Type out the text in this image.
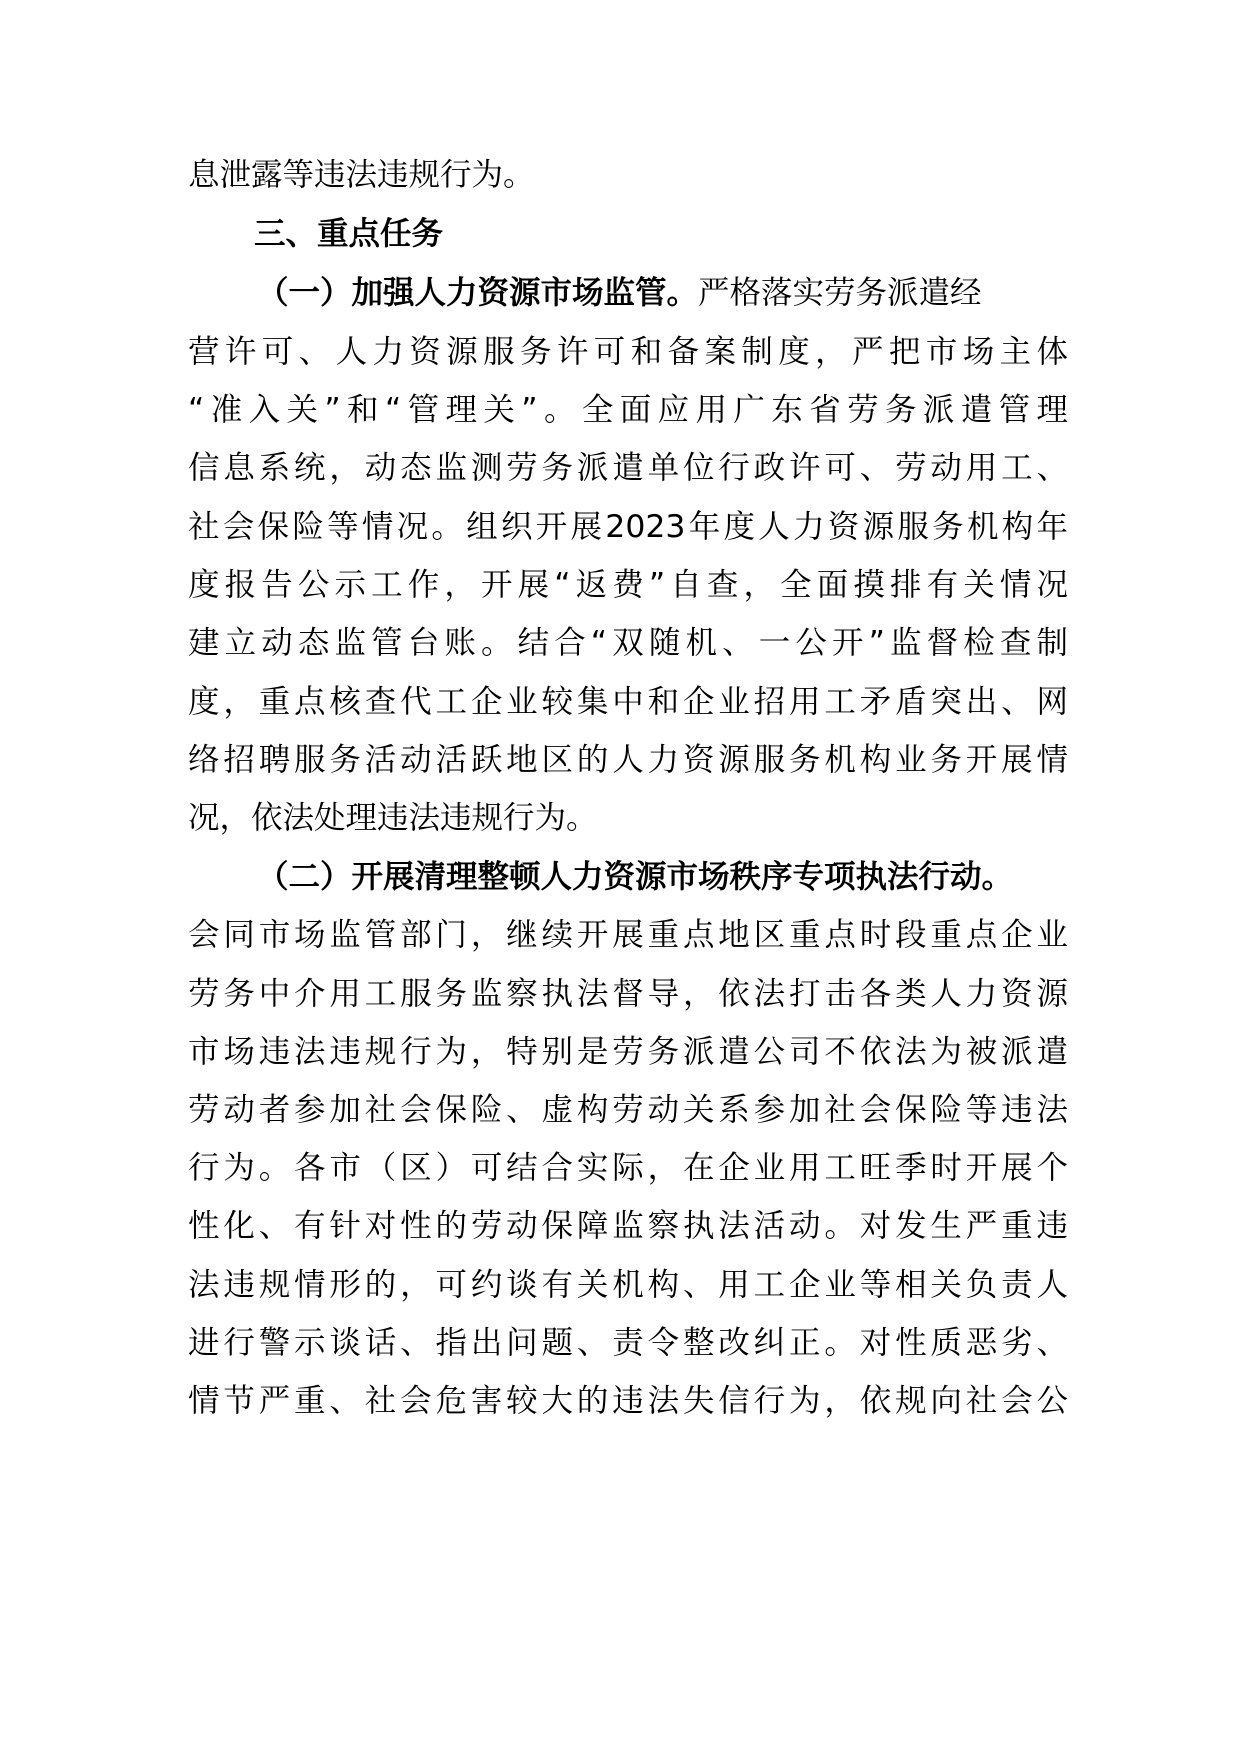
息泄露等违法违规行为。
三、重点任务
（一）加强人力资源市场监管。严格落实劳务派遣经
营许可、人力资源服务许可和备案制度，严把市场主体
“准入关”和“管理关”。全面应用广东省劳务派遣管理
信息系统，动态监测劳务派遣单位行政许可、劳动用工、
社会保险等情况。组织开展2023年度人力资源服务机构年
度报告公示工作，开展“返费”自查，全面摸排有关情况
建立动态监管台账。结合“双随机、一公开”监督检查制
度，重点核查代工企业较集中和企业招用工矛盾突出、网
络招聘服务活动活跃地区的人力资源服务机构业务开展情
况，依法处理违法违规行为。
（二）开展清理整顿人力资源市场秩序专项执法行动。
会同市场监管部门，继续开展重点地区重点时段重点企业
劳务中介用工服务监察执法督导，依法打击各类人力资源
市场违法违规行为，特别是劳务派遣公司不依法为被派遣
劳动者参加社会保险、虚构劳动关系参加社会保险等违法
行为。各市（区）可结合实际，在企业用工旺季时开展个
性化、有针对性的劳动保障监察执法活动。对发生严重违
法违规情形的，可约谈有关机构、用工企业等相关负责人
进行警示谈话、指出问题、责令整改纠正。对性质恶劣、
情节严重、社会危害较大的违法失信行为，依规向社会公
